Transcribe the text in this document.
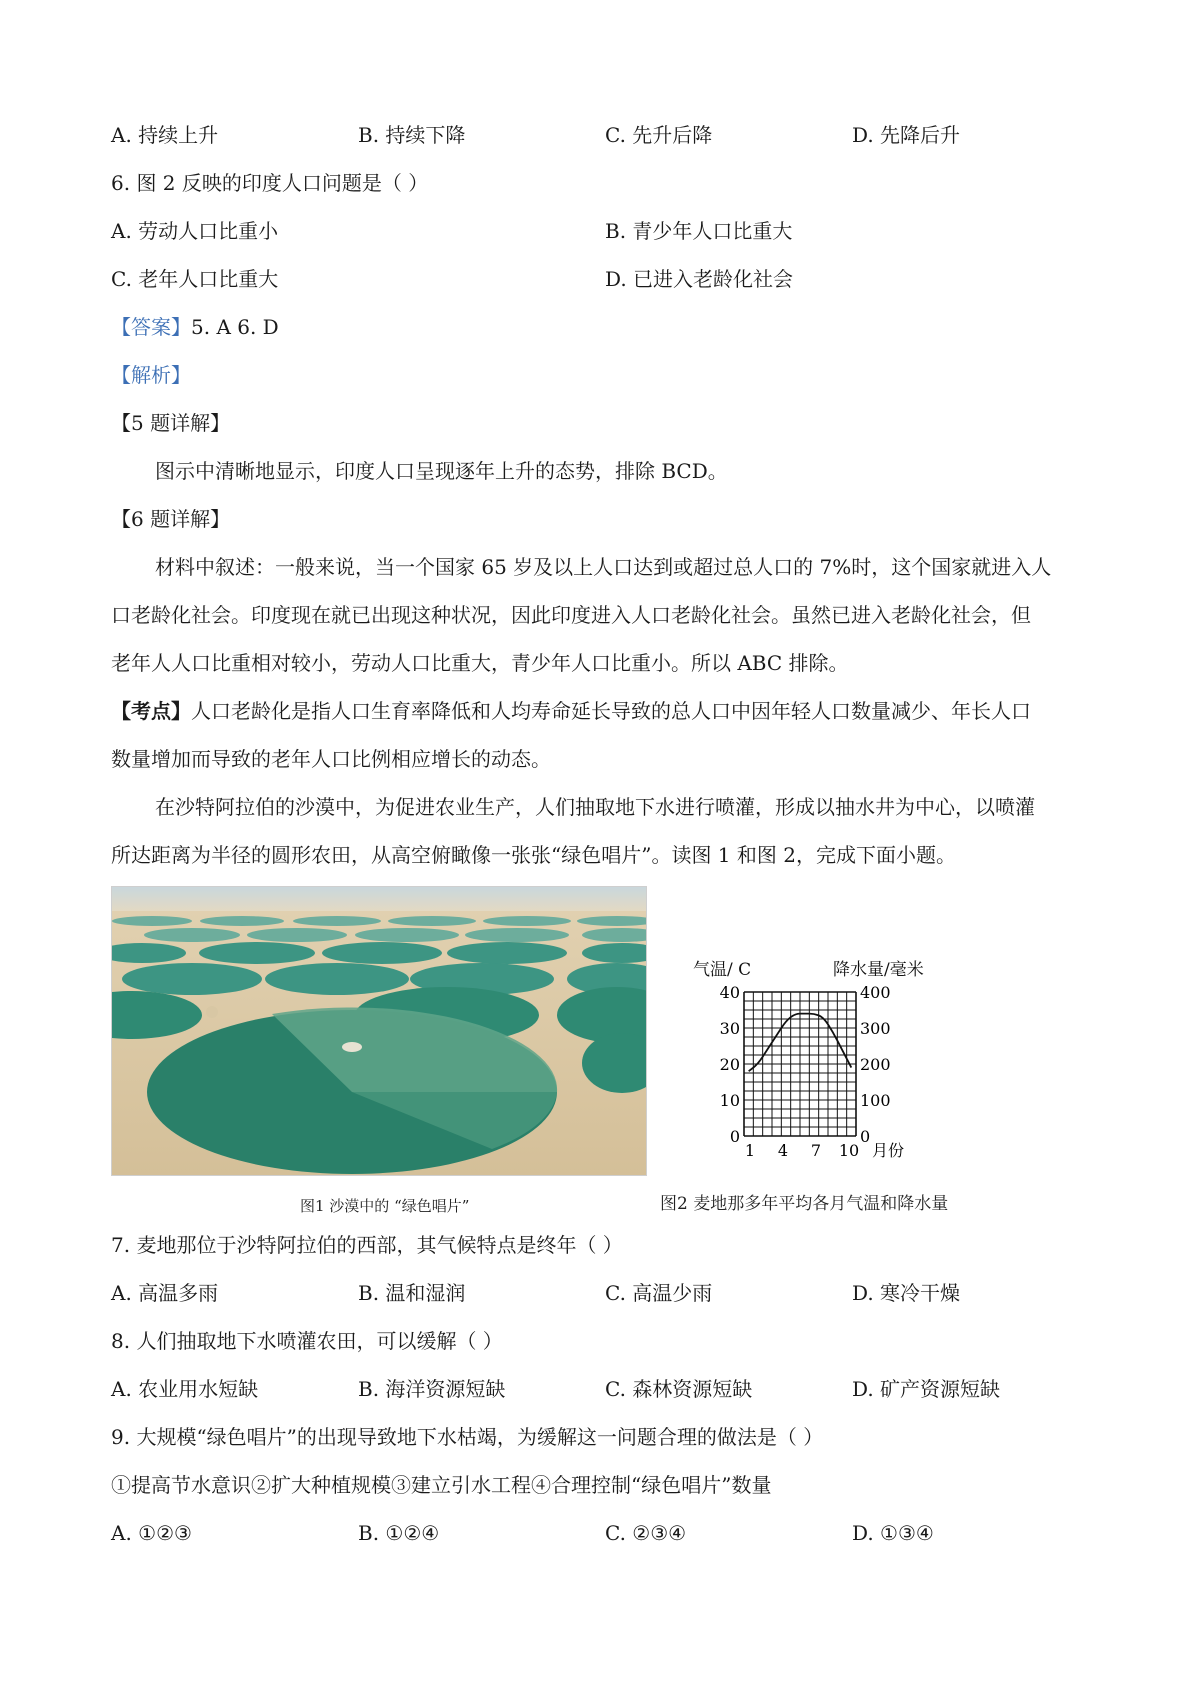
A. 持续上升	B. 持续下降	C. 先升后降	D. 先降后升
6. 图 2 反映的印度人口问题是（ ）
A. 劳动人口比重小	B. 青少年人口比重大
C. 老年人口比重大	D. 已进入老龄化社会
【答案】5. A 6. D
【解析】
【5 题详解】
图示中清晰地显示，印度人口呈现逐年上升的态势，排除 BCD。
【6 题详解】
材料中叙述：一般来说，当一个国家 65 岁及以上人口达到或超过总人口的 7%时，这个国家就进入人
口老龄化社会。印度现在就已出现这种状况，因此印度进入人口老龄化社会。虽然已进入老龄化社会，但
老年人人口比重相对较小，劳动人口比重大，青少年人口比重小。所以 ABC 排除。
【考点】人口老龄化是指人口生育率降低和人均寿命延长导致的总人口中因年轻人口数量减少、年长人口
数量增加而导致的老年人口比例相应增长的动态。
在沙特阿拉伯的沙漠中，为促进农业生产，人们抽取地下水进行喷灌，形成以抽水井为中心，以喷灌
所达距离为半径的圆形农田，从高空俯瞰像一张张“绿色唱片”。读图 1 和图 2，完成下面小题。
图1 沙漠中的 “绿色唱片”
气温/ C	降水量/毫米
40
30
20
10
0
400
300
200
100
0
1 4 7 10 月份
图2 麦地那多年平均各月气温和降水量
7. 麦地那位于沙特阿拉伯的西部，其气候特点是终年（ ）
A. 高温多雨	B. 温和湿润	C. 高温少雨	D. 寒冷干燥
8. 人们抽取地下水喷灌农田，可以缓解（ ）
A. 农业用水短缺	B. 海洋资源短缺	C. 森林资源短缺	D. 矿产资源短缺
9. 大规模“绿色唱片”的出现导致地下水枯竭，为缓解这一问题合理的做法是（ ）
①提高节水意识②扩大种植规模③建立引水工程④合理控制“绿色唱片”数量
A. ①②③	B. ①②④	C. ②③④	D. ①③④
